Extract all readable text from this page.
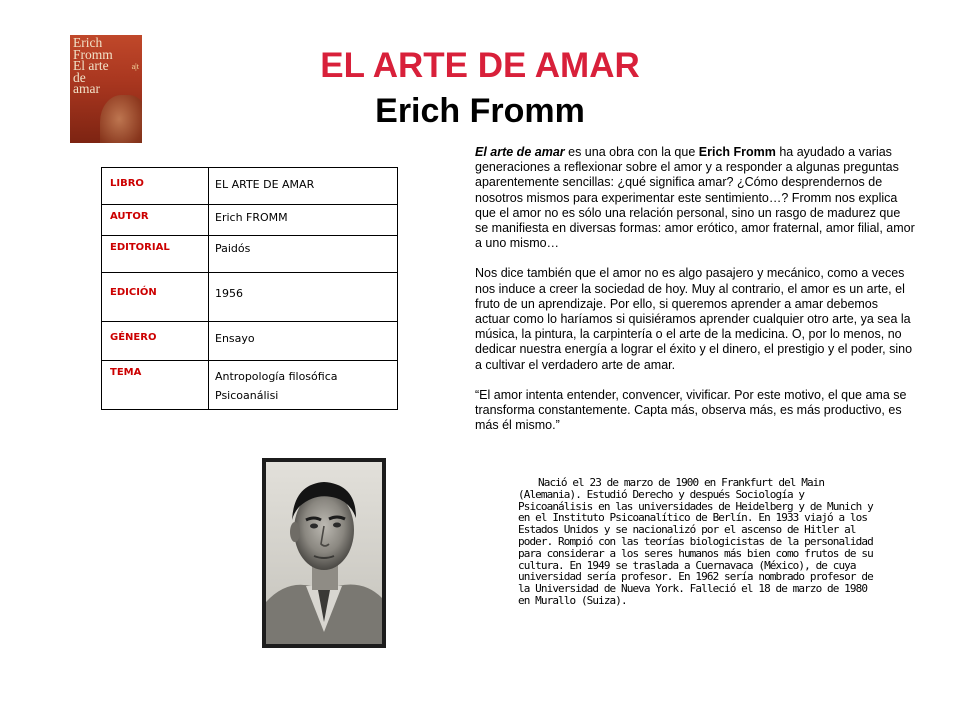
Erich
Fromm
El arte
de
amar
a|t	EL ARTE DE AMAR
Erich Fromm
LIBRO	EL ARTE DE AMAR
AUTOR	Erich FROMM
EDITORIAL	Paidós
EDICIÓN	1956
GÉNERO	Ensayo
TEMA	Antropología filosófica
Psicoanálisi

El arte de amar es una obra con la que Erich Fromm ha ayudado a varias generaciones a reflexionar sobre el amor y a responder a algunas preguntas aparentemente sencillas: ¿qué significa amar? ¿Cómo desprendernos de nosotros mismos para experimentar este sentimiento…? Fromm nos explica que el amor no es sólo una relación personal, sino un rasgo de madurez que se manifiesta en diversas formas: amor erótico, amor fraternal, amor filial, amor a uno mismo…

Nos dice también que el amor no es algo pasajero y mecánico, como a veces nos induce a creer la sociedad de hoy. Muy al contrario, el amor es un arte, el fruto de un aprendizaje. Por ello, si queremos aprender a amar debemos actuar como lo haríamos si quisiéramos aprender cualquier otro arte, ya sea la música, la pintura, la carpintería o el arte de la medicina. O, por lo menos, no dedicar nuestra energía a lograr el éxito y el dinero, el prestigio y el poder, sino a cultivar el verdadero arte de amar.

“El amor intenta entender, convencer, vivificar. Por este motivo, el que ama se transforma constantemente. Capta más, observa más, es más productivo, es más él mismo.”

Nació el 23 de marzo de 1900 en Frankfurt del Main (Alemania). Estudió Derecho y después Sociología y Psicoanálisis en las universidades de Heidelberg y de Munich y en el Instituto Psicoanalítico de Berlín. En 1933 viajó a los Estados Unidos y se nacionalizó por el ascenso de Hitler al poder. Rompió con las teorías biologicistas de la personalidad para considerar a los seres humanos más bien como frutos de su cultura. En 1949 se traslada a Cuernavaca (México), de cuya universidad sería profesor. En 1962 sería nombrado profesor de la Universidad de Nueva York. Falleció el 18 de marzo de 1980 en Murallo (Suiza).
